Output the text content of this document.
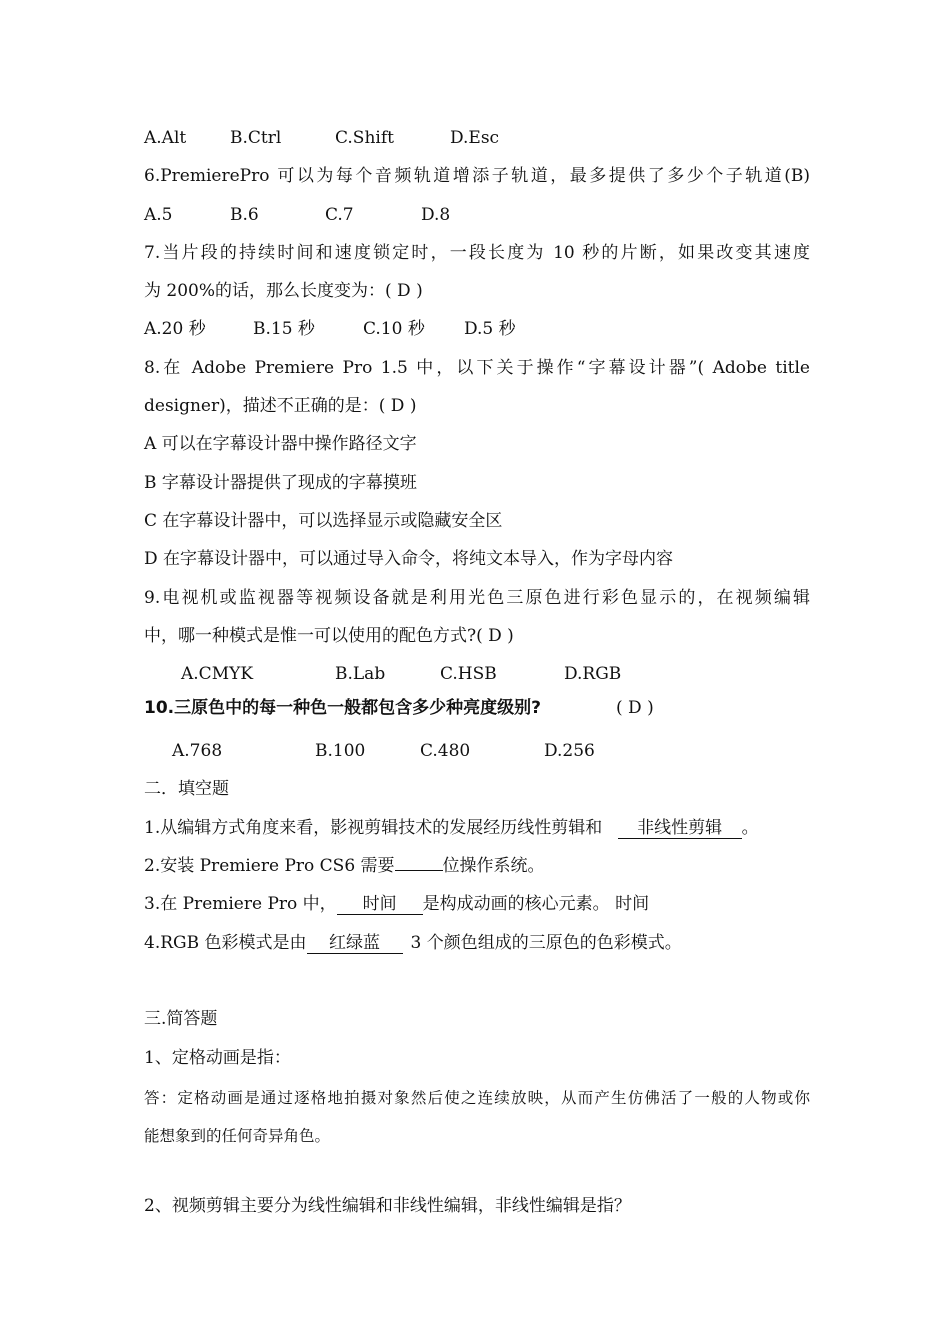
A.Alt	B.Ctrl	C.Shift	D.Esc
6.PremierePro 可以为每个音频轨道增添子轨道，最多提供了多少个子轨道(B)
A.5	B.6	C.7	D.8
7.当片段的持续时间和速度锁定时，一段长度为 10 秒的片断，如果改变其速度
为 200%的话，那么长度变为：( D )
A.20 秒	B.15 秒	C.10 秒 D.5 秒
8.在 Adobe Premiere Pro 1.5 中，以下关于操作“字幕设计器”( Adobe title
designer)，描述不正确的是：( D )
A 可以在字幕设计器中操作路径文字
B 字幕设计器提供了现成的字幕摸班
C 在字幕设计器中，可以选择显示或隐藏安全区
D 在字幕设计器中，可以通过导入命令，将纯文本导入，作为字母内容
9.电视机或监视器等视频设备就是利用光色三原色进行彩色显示的，在视频编辑
中，哪一种模式是惟一可以使用的配色方式?( D )
A.CMYK	B.Lab	C.HSB	D.RGB
10.三原色中的每一种色一般都包含多少种亮度级别?	( D )
A.768	B.100	C.480	D.256
二．填空题
1.从编辑方式角度来看，影视剪辑技术的发展经历线性剪辑和 非线性剪辑 。
2.安装 Premiere Pro CS6 需要	位操作系统。
3.在 Premiere Pro 中， 时间 是构成动画的核心元素。 时间
4.RGB 色彩模式是由 红绿蓝 3 个颜色组成的三原色的色彩模式。
三.简答题
1、定格动画是指：
答：定格动画是通过逐格地拍摄对象然后使之连续放映，从而产生仿佛活了一般的人物或你
能想象到的任何奇异角色。
2、视频剪辑主要分为线性编辑和非线性编辑，非线性编辑是指？
